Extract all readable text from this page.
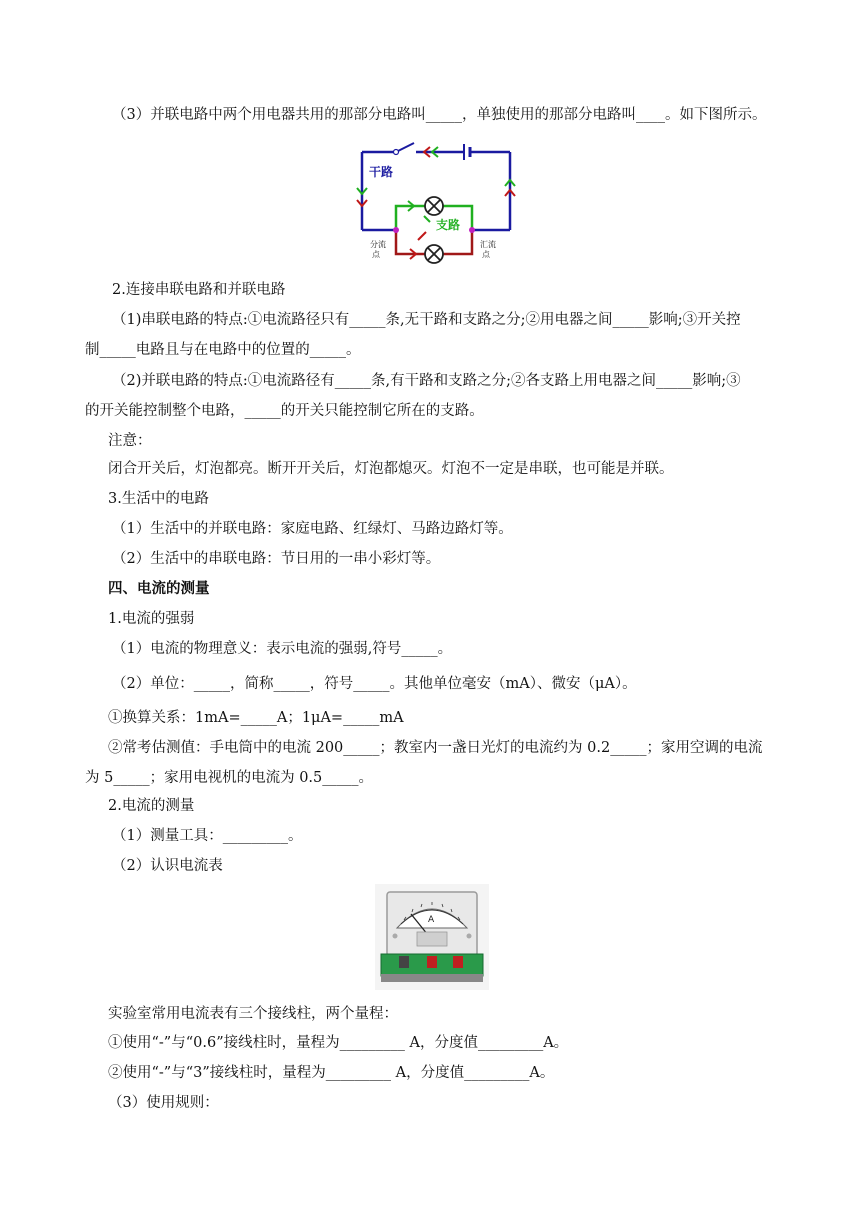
（3）并联电路中两个用电器共用的那部分电路叫_____，单独使用的那部分电路叫____。如下图所示。
干路
支路
分流
点
汇流
点
2.连接串联电路和并联电路
（1)串联电路的特点:①电流路径只有_____条,无干路和支路之分;②用电器之间_____影响;③开关控
制_____电路且与在电路中的位置的_____。
（2)并联电路的特点:①电流路径有_____条,有干路和支路之分;②各支路上用电器之间_____影响;③
的开关能控制整个电路，_____的开关只能控制它所在的支路。
注意：
闭合开关后，灯泡都亮。断开开关后，灯泡都熄灭。灯泡不一定是串联，也可能是并联。
3.生活中的电路
（1）生活中的并联电路：家庭电路、红绿灯、马路边路灯等。
（2）生活中的串联电路：节日用的一串小彩灯等。
四、电流的测量
1.电流的强弱
（1）电流的物理意义：表示电流的强弱,符号_____。
（2）单位：_____，简称_____，符号_____。其他单位毫安（mA）、微安（μA）。
①换算关系：1mA=_____A；1μA=_____mA
②常考估测值：手电筒中的电流 200_____；教室内一盏日光灯的电流约为 0.2_____；家用空调的电流
为 5_____；家用电视机的电流为 0.5_____。
2.电流的测量
（1）测量工具：_________。
（2）认识电流表
A
实验室常用电流表有三个接线柱，两个量程：
①使用“-”与“0.6”接线柱时，量程为_________ A，分度值_________A。
②使用“-”与“3”接线柱时，量程为_________ A，分度值_________A。
（3）使用规则：
